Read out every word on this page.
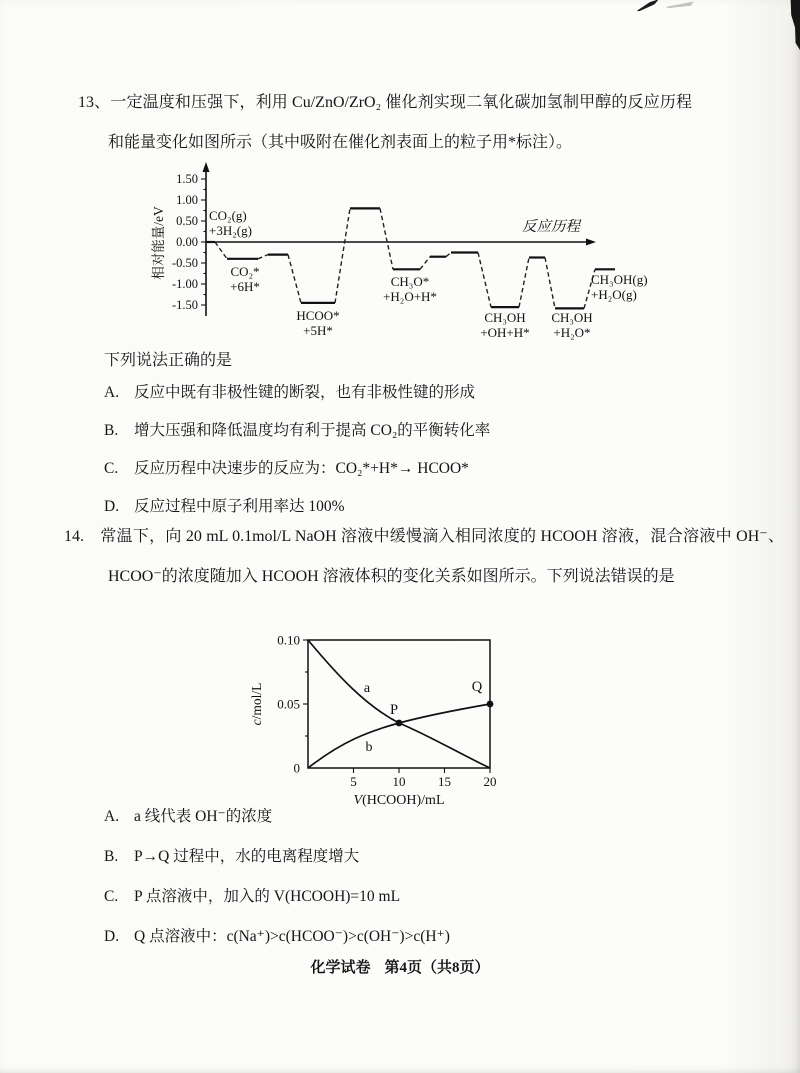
13、一定温度和压强下，利用 Cu/ZnO/ZrO₂ 催化剂实现二氧化碳加氢制甲醇的反应历程和能量变化如图所示（其中吸附在催化剂表面上的粒子用*标注）。
1.50
1.00
0.50
0.00
-0.50
-1.00
-1.50
相对能量/eV	反应历程
CO₂(g) +3H₂(g)
CO₂* +6H*
HCOO* +5H*
CH₃O* +H₂O+H*
CH₃OH +OH+H*
CH₃OH +H₂O*
CH₃OH(g) +H₂O(g)
下列说法正确的是
A. 反应中既有非极性键的断裂，也有非极性键的形成
B.	增大压强和降低温度均有利于提高 CO₂的平衡转化率
C.	反应历程中决速步的反应为：CO₂*+H*→ HCOO*
D. 反应过程中原子利用率达 100%
14. 常温下，向 20 mL 0.1mol/L NaOH 溶液中缓慢滴入相同浓度的 HCOOH 溶液，混合溶液中 OH⁻、HCOO⁻的浓度随加入 HCOOH 溶液体积的变化关系如图所示。下列说法错误的是
0.10
0.05
0
c/mol/L
5	10	15	20
V(HCOOH)/mL
a
b
P
Q
A. a 线代表 OH⁻的浓度
B.	P→Q 过程中，水的电离程度增大
C.	P 点溶液中，加入的 V(HCOOH)=10 mL
D. Q 点溶液中：c(Na⁺)>c(HCOO⁻)>c(OH⁻)>c(H⁺)
化学试卷 第4页（共8页）
